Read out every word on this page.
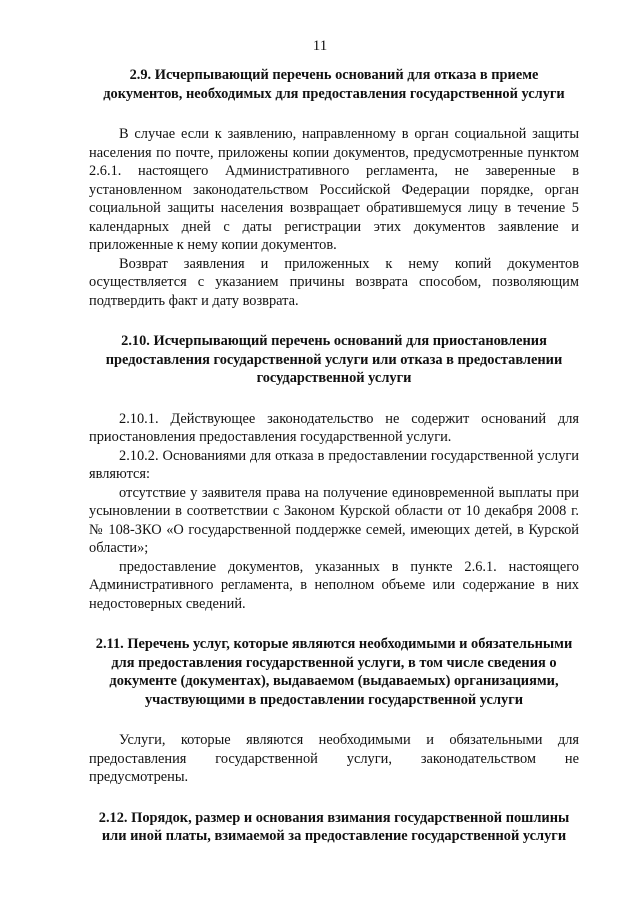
11

2.9. Исчерпывающий перечень оснований для отказа в приеме документов, необходимых для предоставления государственной услуги

В случае если к заявлению, направленному в орган социальной защиты населения по почте, приложены копии документов, предусмотренные пунктом 2.6.1. настоящего Административного регламента, не заверенные в установленном законодательством Российской Федерации порядке, орган социальной защиты населения возвращает обратившемуся лицу в течение 5 календарных дней с даты регистрации этих документов заявление и приложенные к нему копии документов.

Возврат заявления и приложенных к нему копий документов осуществляется с указанием причины возврата способом, позволяющим подтвердить факт и дату возврата.

2.10. Исчерпывающий перечень оснований для приостановления предоставления государственной услуги или отказа в предоставлении государственной услуги

2.10.1. Действующее законодательство не содержит оснований для приостановления предоставления государственной услуги.

2.10.2. Основаниями для отказа в предоставлении государственной услуги являются:

отсутствие у заявителя права на получение единовременной выплаты при усыновлении в соответствии с Законом Курской области от 10 декабря 2008 г. № 108-ЗКО «О государственной поддержке семей, имеющих детей, в Курской области»;

предоставление документов, указанных в пункте 2.6.1. настоящего Административного регламента, в неполном объеме или содержание в них недостоверных сведений.

2.11. Перечень услуг, которые являются необходимыми и обязательными для предоставления государственной услуги, в том числе сведения о документе (документах), выдаваемом (выдаваемых) организациями, участвующими в предоставлении государственной услуги

Услуги, которые являются необходимыми и обязательными для предоставления государственной услуги, законодательством не предусмотрены.

2.12. Порядок, размер и основания взимания государственной пошлины или иной платы, взимаемой за предоставление государственной услуги
